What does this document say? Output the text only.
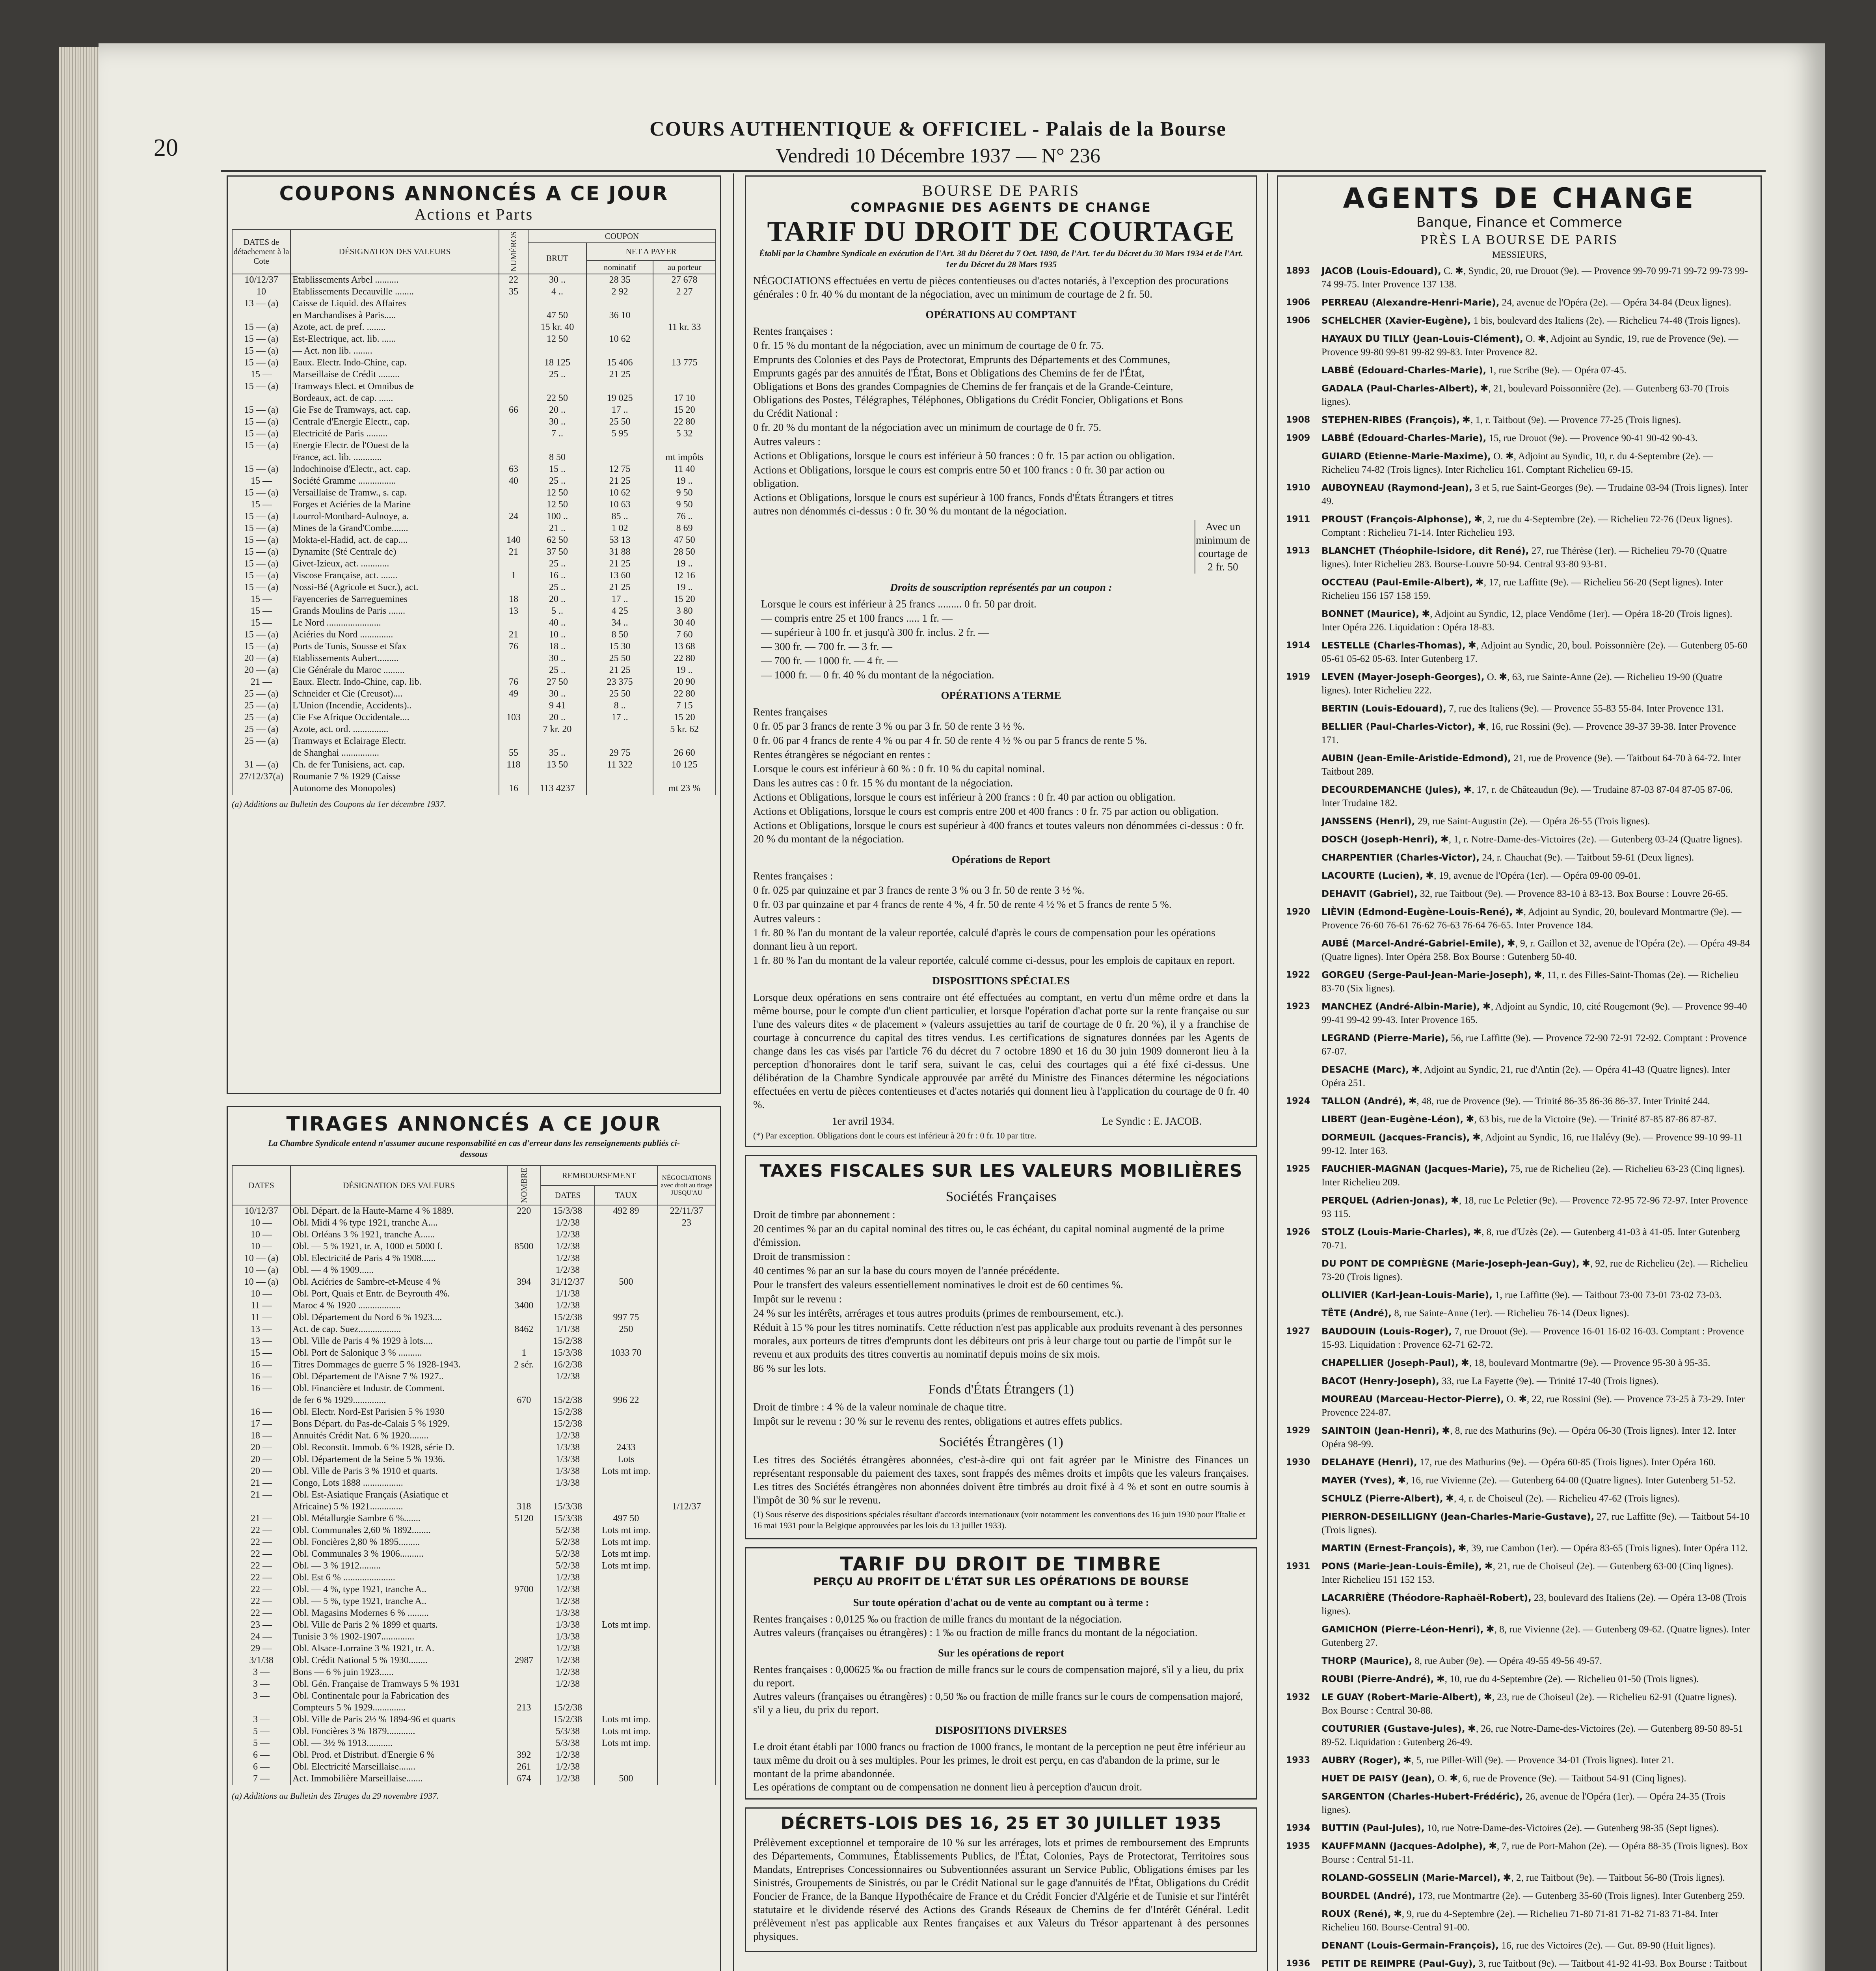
20
COURS AUTHENTIQUE & OFFICIEL - Palais de la Bourse
Vendredi 10 Décembre 1937 — N° 236
COUPONS ANNONCÉS A CE JOUR
Actions et Parts
DATES de détachement à la Cote	DÉSIGNATION DES VALEURS	NUMÉROS	COUPON		
			BRUT	NET A PAYER	
				nominatif	au porteur
10/12/37	Etablissements Arbel ..........	22	30 ..	28 35	27 678
10	Etablissements Decauville ........	35	4 ..	2 92	2 27
13 — (a)	Caisse de Liquid. des Affaires				
	en Marchandises à Paris.....		47 50	36 10	
15 — (a)	Azote, act. de pref. ........		15 kr. 40		11 kr. 33
15 — (a)	Est-Electrique, act. lib. ......		12 50	10 62	
15 — (a)	— Act. non lib. ........				
15 — (a)	Eaux. Electr. Indo-Chine, cap.		18 125	15 406	13 775
15 —	Marseillaise de Crédit .........		25 ..	21 25	
15 — (a)	Tramways Elect. et Omnibus de				
	Bordeaux, act. de cap. ......		22 50	19 025	17 10
15 — (a)	Gie Fse de Tramways, act. cap.	66	20 ..	17 ..	15 20
15 — (a)	Centrale d'Energie Electr., cap.		30 ..	25 50	22 80
15 — (a)	Electricité de Paris .........		7 ..	5 95	5 32
15 — (a)	Energie Electr. de l'Ouest de la				
	France, act. lib. ............		8 50		mt impôts
15 — (a)	Indochinoise d'Electr., act. cap.	63	15 ..	12 75	11 40
15 —	Société Gramme ................	40	25 ..	21 25	19 ..
15 — (a)	Versaillaise de Tramw., s. cap.		12 50	10 62	9 50
15 —	Forges et Aciéries de la Marine		12 50	10 63	9 50
15 — (a)	Lourrol-Montbard-Aulnoye, a.	24	100 ..	85 ..	76 ..
15 — (a)	Mines de la Grand'Combe.......		21 ..	1 02	8 69
15 — (a)	Mokta-el-Hadid, act. de cap....	140	62 50	53 13	47 50
15 — (a)	Dynamite (Sté Centrale de)	21	37 50	31 88	28 50
15 — (a)	Givet-Izieux, act. ............		25 ..	21 25	19 ..
15 — (a)	Viscose Française, act. .......	1	16 ..	13 60	12 16
15 — (a)	Nossi-Bé (Agricole et Sucr.), act.		25 ..	21 25	19 ..
15 —	Fayenceries de Sarreguemines	18	20 ..	17 ..	15 20
15 —	Grands Moulins de Paris .......	13	5 ..	4 25	3 80
15 —	Le Nord .......................		40 ..	34 ..	30 40
15 — (a)	Aciéries du Nord ..............	21	10 ..	8 50	7 60
15 — (a)	Ports de Tunis, Sousse et Sfax	76	18 ..	15 30	13 68
20 — (a)	Etablissements Aubert.........		30 ..	25 50	22 80
20 — (a)	Cie Générale du Maroc .........		25 ..	21 25	19 ..
21 —	Eaux. Electr. Indo-Chine, cap. lib.	76	27 50	23 375	20 90
25 — (a)	Schneider et Cie (Creusot)....	49	30 ..	25 50	22 80
25 — (a)	L'Union (Incendie, Accidents)..		9 41	8 ..	7 15
25 — (a)	Cie Fse Afrique Occidentale....	103	20 ..	17 ..	15 20
25 — (a)	Azote, act. ord. ...............		7 kr. 20		5 kr. 62
25 — (a)	Tramways et Eclairage Electr.				
	de Shanghai ................	55	35 ..	29 75	26 60
31 — (a)	Ch. de fer Tunisiens, act. cap.	118	13 50	11 322	10 125
27/12/37(a)	Roumanie 7 % 1929 (Caisse				
	Autonome des Monopoles)	16	113 4237		mt 23 %
(a) Additions au Bulletin des Coupons du 1er décembre 1937.
TIRAGES ANNONCÉS A CE JOUR
La Chambre Syndicale entend n'assumer aucune responsabilité en cas d'erreur dans les renseignements publiés ci-dessous
DATES	DÉSIGNATION DES VALEURS	NOMBRE	REMBOURSEMENT		NÉGOCIATIONS avec droit au tirage JUSQU'AU
			DATES	TAUX	
10/12/37	Obl. Départ. de la Haute-Marne 4 % 1889.	220	15/3/38	492 89	22/11/37
10 —	Obl. Midi 4 % type 1921, tranche A....		1/2/38		23
10 —	Obl. Orléans 3 % 1921, tranche A......		1/2/38		
10 —	Obl. — 5 % 1921, tr. A, 1000 et 5000 f.	8500	1/2/38		
10 — (a)	Obl. Electricité de Paris 4 % 1908......		1/2/38		
10 — (a)	Obl. — 4 % 1909......		1/2/38		
10 — (a)	Obl. Aciéries de Sambre-et-Meuse 4 %	394	31/12/37	500	
10 —	Obl. Port, Quais et Entr. de Beyrouth 4%.		1/1/38		
11 —	Maroc 4 % 1920 ..................	3400	1/2/38		
11 —	Obl. Département du Nord 6 % 1923....		15/2/38	997 75	
13 —	Act. de cap. Suez..................	8462	1/1/38	250	
13 —	Obl. Ville de Paris 4 % 1929 à lots....		15/2/38		
15 —	Obl. Port de Salonique 3 % ..........	1	15/3/38	1033 70	
16 —	Titres Dommages de guerre 5 % 1928-1943.	2 sér.	16/2/38		
16 —	Obl. Département de l'Aisne 7 % 1927..		1/2/38		
16 —	Obl. Financière et Industr. de Comment.				
	de fer 6 % 1929..............	670	15/2/38	996 22	
16 —	Obl. Electr. Nord-Est Parisien 5 % 1930		15/2/38		
17 —	Bons Départ. du Pas-de-Calais 5 % 1929.		15/2/38		
18 —	Annuités Crédit Nat. 6 % 1920........		1/2/38		
20 —	Obl. Reconstit. Immob. 6 % 1928, série D.		1/3/38	2433	
20 —	Obl. Département de la Seine 5 % 1936.		1/3/38	Lots	
20 —	Obl. Ville de Paris 3 % 1910 et quarts.		1/3/38	Lots mt imp.	
21 —	Congo, Lots 1888 .................		1/3/38		
21 —	Obl. Est-Asiatique Français (Asiatique et				
	Africaine) 5 % 1921..............	318	15/3/38		1/12/37
21 —	Obl. Métallurgie Sambre 6 %.......	5120	15/3/38	497 50	
22 —	Obl. Communales 2,60 % 1892........		5/2/38	Lots mt imp.	
22 —	Obl. Foncières 2,80 % 1895.........		5/2/38	Lots mt imp.	
22 —	Obl. Communales 3 % 1906..........		5/2/38	Lots mt imp.	
22 —	Obl. — 3 % 1912.........		5/2/38	Lots mt imp.	
22 —	Obl. Est 6 % ......................		1/2/38		
22 —	Obl. — 4 %, type 1921, tranche A..	9700	1/2/38		
22 —	Obl. — 5 %, type 1921, tranche A..		1/2/38		
22 —	Obl. Magasins Modernes 6 % .........		1/3/38		
23 —	Obl. Ville de Paris 2 % 1899 et quarts.		1/3/38	Lots mt imp.	
24 —	Tunisie 3 % 1902-1907..............		1/3/38		
29 —	Obl. Alsace-Lorraine 3 % 1921, tr. A.		1/2/38		
3/1/38	Obl. Crédit National 5 % 1930........	2987	1/2/38		
3 —	Bons — 6 % juin 1923......		1/2/38		
3 —	Obl. Gén. Française de Tramways 5 % 1931		1/2/38		
3 —	Obl. Continentale pour la Fabrication des				
	Compteurs 5 % 1929..............	213	15/2/38		
3 —	Obl. Ville de Paris 2½ % 1894-96 et quarts		15/2/38	Lots mt imp.	
5 —	Obl. Foncières 3 % 1879............		5/3/38	Lots mt imp.	
5 —	Obl. — 3½ % 1913...........		5/3/38	Lots mt imp.	
6 —	Obl. Prod. et Distribut. d'Energie 6 %	392	1/2/38		
6 —	Obl. Electricité Marseillaise.......	261	1/2/38		
7 —	Act. Immobilière Marseillaise.......	674	1/2/38	500	
(a) Additions au Bulletin des Tirages du 29 novembre 1937.
BOURSE DE PARIS
COMPAGNIE DES AGENTS DE CHANGE
TARIF DU DROIT DE COURTAGE
Établi par la Chambre Syndicale en exécution de l'Art. 38 du Décret du 7 Oct. 1890, de l'Art. 1er du Décret du 30 Mars 1934 et de l'Art. 1er du Décret du 28 Mars 1935

NÉGOCIATIONS effectuées en vertu de pièces contentieuses ou d'actes notariés, à l'exception des procurations générales : 0 fr. 40 % du montant de la négociation, avec un minimum de courtage de 2 fr. 50.

OPÉRATIONS AU COMPTANT
Rentes françaises :
0 fr. 15 % du montant de la négociation, avec un minimum de courtage de 0 fr. 75.
Emprunts des Colonies et des Pays de Protectorat, Emprunts des Départements et des Communes, Emprunts gagés par des annuités de l'État, Bons et Obligations des Chemins de fer de l'État, Obligations et Bons des grandes Compagnies de Chemins de fer français et de la Grande-Ceinture, Obligations des Postes, Télégraphes, Téléphones, Obligations du Crédit Foncier, Obligations et Bons du Crédit National :
0 fr. 20 % du montant de la négociation avec un minimum de courtage de 0 fr. 75.
Autres valeurs :
Actions et Obligations, lorsque le cours est inférieur à 50 frances : 0 fr. 15 par action ou obligation.
Actions et Obligations, lorsque le cours est compris entre 50 et 100 francs : 0 fr. 30 par action ou obligation.
Actions et Obligations, lorsque le cours est supérieur à 100 francs, Fonds d'États Étrangers et titres autres non dénommés ci-dessus : 0 fr. 30 % du montant de la négociation.
Avec un minimum de courtage de 2 fr. 50
Droits de souscription représentés par un coupon :
Lorsque le cours est inférieur à 25 francs ......... 0 fr. 50 par droit.
— compris entre 25 et 100 francs ..... 1 fr. —
— supérieur à 100 fr. et jusqu'à 300 fr. inclus. 2 fr. —
— 300 fr. — 700 fr. — 3 fr. —
— 700 fr. — 1000 fr. — 4 fr. —
— 1000 fr. — 0 fr. 40 % du montant de la négociation.
OPÉRATIONS A TERME
Rentes françaises
0 fr. 05 par 3 francs de rente 3 % ou par 3 fr. 50 de rente 3 ½ %.
0 fr. 06 par 4 francs de rente 4 % ou par 4 fr. 50 de rente 4 ½ % ou par 5 francs de rente 5 %.
Rentes étrangères se négociant en rentes :
Lorsque le cours est inférieur à 60 % : 0 fr. 10 % du capital nominal.
Dans les autres cas : 0 fr. 15 % du montant de la négociation.
Actions et Obligations, lorsque le cours est inférieur à 200 francs : 0 fr. 40 par action ou obligation.
Actions et Obligations, lorsque le cours est compris entre 200 et 400 francs : 0 fr. 75 par action ou obligation.
Actions et Obligations, lorsque le cours est supérieur à 400 francs et toutes valeurs non dénommées ci-dessus : 0 fr. 20 % du montant de la négociation.
Opérations de Report
Rentes françaises :
0 fr. 025 par quinzaine et par 3 francs de rente 3 % ou 3 fr. 50 de rente 3 ½ %.
0 fr. 03 par quinzaine et par 4 francs de rente 4 %, 4 fr. 50 de rente 4 ½ % et 5 francs de rente 5 %.
Autres valeurs :
1 fr. 80 % l'an du montant de la valeur reportée, calculé d'après le cours de compensation pour les opérations donnant lieu à un report.
1 fr. 80 % l'an du montant de la valeur reportée, calculé comme ci-dessus, pour les emplois de capitaux en report.
DISPOSITIONS SPÉCIALES

Lorsque deux opérations en sens contraire ont été effectuées au comptant, en vertu d'un même ordre et dans la même bourse, pour le compte d'un client particulier, et lorsque l'opération d'achat porte sur la rente française ou sur l'une des valeurs dites « de placement » (valeurs assujetties au tarif de courtage de 0 fr. 20 %), il y a franchise de courtage à concurrence du capital des titres vendus. Les certifications de signatures données par les Agents de change dans les cas visés par l'article 76 du décret du 7 octobre 1890 et 16 du 30 juin 1909 donneront lieu à la perception d'honoraires dont le tarif sera, suivant le cas, celui des courtages qui a été fixé ci-dessus. Une délibération de la Chambre Syndicale approuvée par arrêté du Ministre des Finances détermine les négociations effectuées en vertu de pièces contentieuses et d'actes notariés qui donnent lieu à l'application du courtage de 0 fr. 40 %.

1er avril 1934.	Le Syndic : E. JACOB.
(*) Par exception. Obligations dont le cours est inférieur à 20 fr : 0 fr. 10 par titre.
TAXES FISCALES SUR LES VALEURS MOBILIÈRES
Sociétés Françaises
Droit de timbre par abonnement :
20 centimes % par an du capital nominal des titres ou, le cas échéant, du capital nominal augmenté de la prime d'émission.
Droit de transmission :
40 centimes % par an sur la base du cours moyen de l'année précédente.
Pour le transfert des valeurs essentiellement nominatives le droit est de 60 centimes %.
Impôt sur le revenu :
24 % sur les intérêts, arrérages et tous autres produits (primes de remboursement, etc.).
Réduit à 15 % pour les titres nominatifs. Cette réduction n'est pas applicable aux produits revenant à des personnes morales, aux porteurs de titres d'emprunts dont les débiteurs ont pris à leur charge tout ou partie de l'impôt sur le revenu et aux produits des titres convertis au nominatif depuis moins de six mois.
86 % sur les lots.
Fonds d'États Étrangers (1)
Droit de timbre : 4 % de la valeur nominale de chaque titre.
Impôt sur le revenu : 30 % sur le revenu des rentes, obligations et autres effets publics.
Sociétés Étrangères (1)

Les titres des Sociétés étrangères abonnées, c'est-à-dire qui ont fait agréer par le Ministre des Finances un représentant responsable du paiement des taxes, sont frappés des mêmes droits et impôts que les valeurs françaises. Les titres des Sociétés étrangères non abonnées doivent être timbrés au droit fixé à 4 % et sont en outre soumis à l'impôt de 30 % sur le revenu.

(1) Sous réserve des dispositions spéciales résultant d'accords internationaux (voir notamment les conventions des 16 juin 1930 pour l'Italie et 16 mai 1931 pour la Belgique approuvées par les lois du 13 juillet 1933).

TARIF DU DROIT DE TIMBRE
PERÇU AU PROFIT DE L'ÉTAT SUR LES OPÉRATIONS DE BOURSE
Sur toute opération d'achat ou de vente au comptant ou à terme :
Rentes françaises : 0,0125 ‰ ou fraction de mille francs du montant de la négociation.
Autres valeurs (françaises ou étrangères) : 1 ‰ ou fraction de mille francs du montant de la négociation.
Sur les opérations de report
Rentes françaises : 0,00625 ‰ ou fraction de mille francs sur le cours de compensation majoré, s'il y a lieu, du prix du report.
Autres valeurs (françaises ou étrangères) : 0,50 ‰ ou fraction de mille francs sur le cours de compensation majoré, s'il y a lieu, du prix du report.
DISPOSITIONS DIVERSES
Le droit étant établi par 1000 francs ou fraction de 1000 francs, le montant de la perception ne peut être inférieur au taux même du droit ou à ses multiples. Pour les primes, le droit est perçu, en cas d'abandon de la prime, sur le montant de la prime abandonnée.
Les opérations de comptant ou de compensation ne donnent lieu à perception d'aucun droit.
DÉCRETS-LOIS DES 16, 25 ET 30 JUILLET 1935

Prélèvement exceptionnel et temporaire de 10 % sur les arrérages, lots et primes de remboursement des Emprunts des Départements, Communes, Établissements Publics, de l'État, Colonies, Pays de Protectorat, Territoires sous Mandats, Entreprises Concessionnaires ou Subventionnées assurant un Service Public, Obligations émises par les Sinistrés, Groupements de Sinistrés, ou par le Crédit National sur le gage d'annuités de l'État, Obligations du Crédit Foncier de France, de la Banque Hypothécaire de France et du Crédit Foncier d'Algérie et de Tunisie et sur l'intérêt statutaire et le dividende réservé des Actions des Grands Réseaux de Chemins de fer d'Intérêt Général. Ledit prélèvement n'est pas applicable aux Rentes françaises et aux Valeurs du Trésor appartenant à des personnes physiques.

AGENTS DE CHANGE
Banque, Finance et Commerce
PRÈS LA BOURSE DE PARIS
MESSIEURS,
1893 JACOB (Louis-Edouard), C. ✱, Syndic, 20, rue Drouot (9e). — Provence 99-70 99-71 99-72 99-73 99-74 99-75. Inter Provence 137 138.
1906 PERREAU (Alexandre-Henri-Marie), 24, avenue de l'Opéra (2e). — Opéra 34-84 (Deux lignes).
1906 SCHELCHER (Xavier-Eugène), 1 bis, boulevard des Italiens (2e). — Richelieu 74-48 (Trois lignes).
HAYAUX DU TILLY (Jean-Louis-Clément), O. ✱, Adjoint au Syndic, 19, rue de Provence (9e). — Provence 99-80 99-81 99-82 99-83. Inter Provence 82.
LABBÉ (Edouard-Charles-Marie), 1, rue Scribe (9e). — Opéra 07-45.
GADALA (Paul-Charles-Albert), ✱, 21, boulevard Poissonnière (2e). — Gutenberg 63-70 (Trois lignes).
1908 STEPHEN-RIBES (François), ✱, 1, r. Taitbout (9e). — Provence 77-25 (Trois lignes).
1909 LABBÉ (Edouard-Charles-Marie), 15, rue Drouot (9e). — Provence 90-41 90-42 90-43.
GUIARD (Etienne-Marie-Maxime), O. ✱, Adjoint au Syndic, 10, r. du 4-Septembre (2e). — Richelieu 74-82 (Trois lignes). Inter Richelieu 161. Comptant Richelieu 69-15.
1910 AUBOYNEAU (Raymond-Jean), 3 et 5, rue Saint-Georges (9e). — Trudaine 03-94 (Trois lignes). Inter 49.
1911 PROUST (François-Alphonse), ✱, 2, rue du 4-Septembre (2e). — Richelieu 72-76 (Deux lignes). Comptant : Richelieu 71-14. Inter Richelieu 193.
1913 BLANCHET (Théophile-Isidore, dit René), 27, rue Thérèse (1er). — Richelieu 79-70 (Quatre lignes). Inter Richelieu 283. Bourse-Louvre 50-94. Central 93-80 93-81.
OCCTEAU (Paul-Emile-Albert), ✱, 17, rue Laffitte (9e). — Richelieu 56-20 (Sept lignes). Inter Richelieu 156 157 158 159.
BONNET (Maurice), ✱, Adjoint au Syndic, 12, place Vendôme (1er). — Opéra 18-20 (Trois lignes). Inter Opéra 226. Liquidation : Opéra 18-83.
1914 LESTELLE (Charles-Thomas), ✱, Adjoint au Syndic, 20, boul. Poissonnière (2e). — Gutenberg 05-60 05-61 05-62 05-63. Inter Gutenberg 17.
1919 LEVEN (Mayer-Joseph-Georges), O. ✱, 63, rue Sainte-Anne (2e). — Richelieu 19-90 (Quatre lignes). Inter Richelieu 222.
BERTIN (Louis-Edouard), 7, rue des Italiens (9e). — Provence 55-83 55-84. Inter Provence 131.
BELLIER (Paul-Charles-Victor), ✱, 16, rue Rossini (9e). — Provence 39-37 39-38. Inter Provence 171.
AUBIN (Jean-Emile-Aristide-Edmond), 21, rue de Provence (9e). — Taitbout 64-70 à 64-72. Inter Taitbout 289.
DECOURDEMANCHE (Jules), ✱, 17, r. de Châteaudun (9e). — Trudaine 87-03 87-04 87-05 87-06. Inter Trudaine 182.
JANSSENS (Henri), 29, rue Saint-Augustin (2e). — Opéra 26-55 (Trois lignes).
DOSCH (Joseph-Henri), ✱, 1, r. Notre-Dame-des-Victoires (2e). — Gutenberg 03-24 (Quatre lignes).
CHARPENTIER (Charles-Victor), 24, r. Chauchat (9e). — Taitbout 59-61 (Deux lignes).
LACOURTE (Lucien), ✱, 19, avenue de l'Opéra (1er). — Opéra 09-00 09-01.
DEHAVIT (Gabriel), 32, rue Taitbout (9e). — Provence 83-10 à 83-13. Box Bourse : Louvre 26-65.
1920 LIÈVIN (Edmond-Eugène-Louis-René), ✱, Adjoint au Syndic, 20, boulevard Montmartre (9e). — Provence 76-60 76-61 76-62 76-63 76-64 76-65. Inter Provence 184.
AUBÉ (Marcel-André-Gabriel-Emile), ✱, 9, r. Gaillon et 32, avenue de l'Opéra (2e). — Opéra 49-84 (Quatre lignes). Inter Opéra 258. Box Bourse : Gutenberg 50-40.
1922 GORGEU (Serge-Paul-Jean-Marie-Joseph), ✱, 11, r. des Filles-Saint-Thomas (2e). — Richelieu 83-70 (Six lignes).
1923 MANCHEZ (André-Albin-Marie), ✱, Adjoint au Syndic, 10, cité Rougemont (9e). — Provence 99-40 99-41 99-42 99-43. Inter Provence 165.
LEGRAND (Pierre-Marie), 56, rue Laffitte (9e). — Provence 72-90 72-91 72-92. Comptant : Provence 67-07.
DESACHE (Marc), ✱, Adjoint au Syndic, 21, rue d'Antin (2e). — Opéra 41-43 (Quatre lignes). Inter Opéra 251.
1924 TALLON (André), ✱, 48, rue de Provence (9e). — Trinité 86-35 86-36 86-37. Inter Trinité 244.
LIBERT (Jean-Eugène-Léon), ✱, 63 bis, rue de la Victoire (9e). — Trinité 87-85 87-86 87-87.
DORMEUIL (Jacques-Francis), ✱, Adjoint au Syndic, 16, rue Halévy (9e). — Provence 99-10 99-11 99-12. Inter 163.
1925 FAUCHIER-MAGNAN (Jacques-Marie), 75, rue de Richelieu (2e). — Richelieu 63-23 (Cinq lignes). Inter Richelieu 209.
PERQUEL (Adrien-Jonas), ✱, 18, rue Le Peletier (9e). — Provence 72-95 72-96 72-97. Inter Provence 93 115.
1926 STOLZ (Louis-Marie-Charles), ✱, 8, rue d'Uzès (2e). — Gutenberg 41-03 à 41-05. Inter Gutenberg 70-71.
DU PONT DE COMPIÈGNE (Marie-Joseph-Jean-Guy), ✱, 92, rue de Richelieu (2e). — Richelieu 73-20 (Trois lignes).
OLLIVIER (Karl-Jean-Louis-Marie), 1, rue Laffitte (9e). — Taitbout 73-00 73-01 73-02 73-03.
TÊTE (André), 8, rue Sainte-Anne (1er). — Richelieu 76-14 (Deux lignes).
1927 BAUDOUIN (Louis-Roger), 7, rue Drouot (9e). — Provence 16-01 16-02 16-03. Comptant : Provence 15-93. Liquidation : Provence 62-71 62-72.
CHAPELLIER (Joseph-Paul), ✱, 18, boulevard Montmartre (9e). — Provence 95-30 à 95-35.
BACOT (Henry-Joseph), 33, rue La Fayette (9e). — Trinité 17-40 (Trois lignes).
MOUREAU (Marceau-Hector-Pierre), O. ✱, 22, rue Rossini (9e). — Provence 73-25 à 73-29. Inter Provence 224-87.
1929 SAINTOIN (Jean-Henri), ✱, 8, rue des Mathurins (9e). — Opéra 06-30 (Trois lignes). Inter 12. Inter Opéra 98-99.
1930 DELAHAYE (Henri), 17, rue des Mathurins (9e). — Opéra 60-85 (Trois lignes). Inter Opéra 160.
MAYER (Yves), ✱, 16, rue Vivienne (2e). — Gutenberg 64-00 (Quatre lignes). Inter Gutenberg 51-52.
SCHULZ (Pierre-Albert), ✱, 4, r. de Choiseul (2e). — Richelieu 47-62 (Trois lignes).
PIERRON-DESEILLIGNY (Jean-Charles-Marie-Gustave), 27, rue Laffitte (9e). — Taitbout 54-10 (Trois lignes).
MARTIN (Ernest-François), ✱, 39, rue Cambon (1er). — Opéra 83-65 (Trois lignes). Inter Opéra 112.
1931 PONS (Marie-Jean-Louis-Émile), ✱, 21, rue de Choiseul (2e). — Gutenberg 63-00 (Cinq lignes). Inter Richelieu 151 152 153.
LACARRIÈRE (Théodore-Raphaël-Robert), 23, boulevard des Italiens (2e). — Opéra 13-08 (Trois lignes).
GAMICHON (Pierre-Léon-Henri), ✱, 8, rue Vivienne (2e). — Gutenberg 09-62. (Quatre lignes). Inter Gutenberg 27.
THORP (Maurice), 8, rue Auber (9e). — Opéra 49-55 49-56 49-57.
ROUBI (Pierre-André), ✱, 10, rue du 4-Septembre (2e). — Richelieu 01-50 (Trois lignes).
1932 LE GUAY (Robert-Marie-Albert), ✱, 23, rue de Choiseul (2e). — Richelieu 62-91 (Quatre lignes). Box Bourse : Central 30-88.
COUTURIER (Gustave-Jules), ✱, 26, rue Notre-Dame-des-Victoires (2e). — Gutenberg 89-50 89-51 89-52. Liquidation : Gutenberg 26-49.
1933 AUBRY (Roger), ✱, 5, rue Pillet-Will (9e). — Provence 34-01 (Trois lignes). Inter 21.
HUET DE PAISY (Jean), O. ✱, 6, rue de Provence (9e). — Taitbout 54-91 (Cinq lignes).
SARGENTON (Charles-Hubert-Frédéric), 26, avenue de l'Opéra (1er). — Opéra 24-35 (Trois lignes).
1934 BUTTIN (Paul-Jules), 10, rue Notre-Dame-des-Victoires (2e). — Gutenberg 98-35 (Sept lignes).
1935 KAUFFMANN (Jacques-Adolphe), ✱, 7, rue de Port-Mahon (2e). — Opéra 88-35 (Trois lignes). Box Bourse : Central 51-11.
ROLAND-GOSSELIN (Marie-Marcel), ✱, 2, rue Taitbout (9e). — Taitbout 56-80 (Trois lignes).
BOURDEL (André), 173, rue Montmartre (2e). — Gutenberg 35-60 (Trois lignes). Inter Gutenberg 259.
ROUX (René), ✱, 9, rue du 4-Septembre (2e). — Richelieu 71-80 71-81 71-82 71-83 71-84. Inter Richelieu 160. Bourse-Central 91-00.
DENANT (Louis-Germain-François), 16, rue des Victoires (2e). — Gut. 89-90 (Huit lignes).
1936 PETIT DE REIMPRE (Paul-Guy), 3, rue Taitbout (9e). — Taitbout 41-92 41-93. Box Bourse : Taitbout
